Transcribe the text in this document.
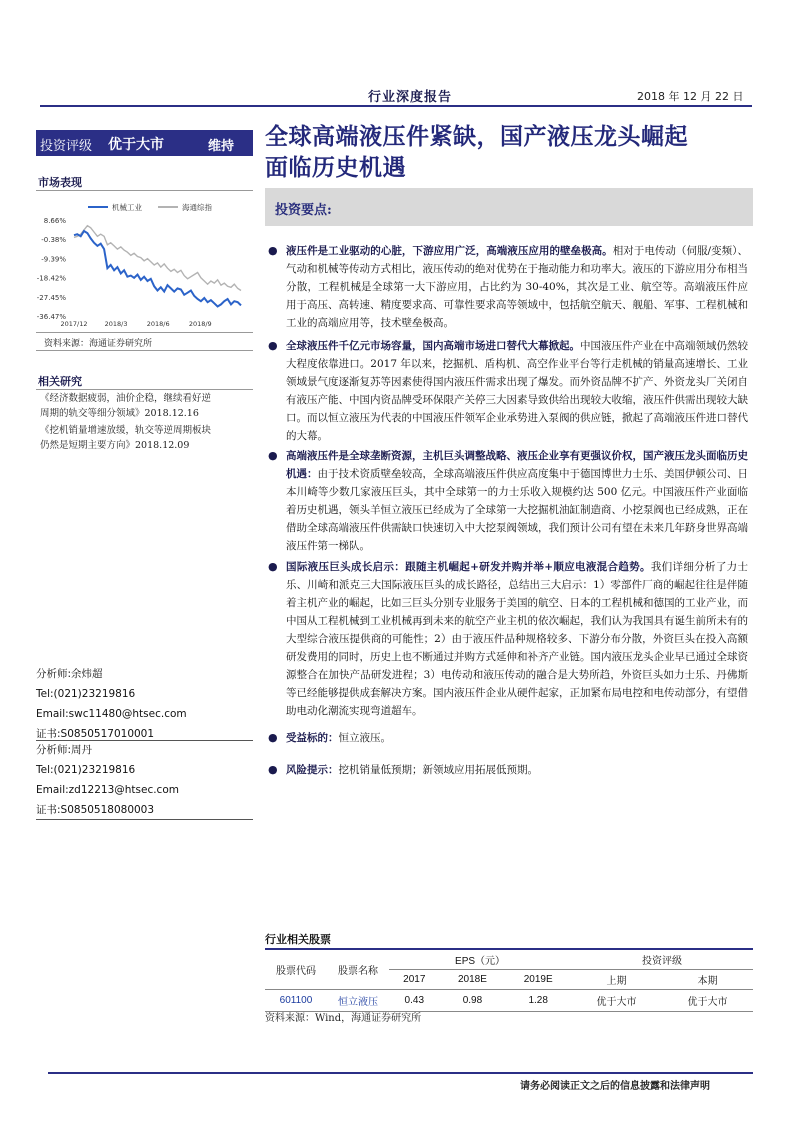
行业深度报告	2018 年 12 月 22 日
投资评级 优于大市	维持 全球高端液压件紧缺，国产液压龙头崛起
面临历史机遇
市场表现
机械工业	海通综指
8.66%
-0.38%
-9.39%
-18.42%
-27.45%
-36.47%
2017/12	2018/3	2018/6	2018/9
资料来源：海通证券研究所
相关研究
《经济数据疲弱，油价企稳，继续看好逆
周期的轨交等细分领域》2018.12.16
《挖机销量增速放缓，轨交等逆周期板块
仍然是短期主要方向》2018.12.09
分析师:余炜超
Tel:(021)23219816
Email:swc11480@htsec.com
证书:S0850517010001
分析师:周丹
Tel:(021)23219816
Email:zd12213@htsec.com
证书:S0850518080003
投资要点:
● 液压件是工业驱动的心脏，下游应用广泛，高端液压应用的壁垒极高。相对于电传动（伺服/变频）、气动和机械等传动方式相比，液压传动的绝对优势在于拖动能力和功率大。液压的下游应用分布相当分散，工程机械是全球第一大下游应用，占比约为 30-40%，其次是工业、航空等。高端液压件应用于高压、高转速、精度要求高、可靠性要求高等领域中，包括航空航天、舰船、军事、工程机械和工业的高端应用等，技术壁垒极高。
● 全球液压件千亿元市场容量，国内高端市场进口替代大幕掀起。中国液压件产业在中高端领域仍然较大程度依靠进口。2017 年以来，挖掘机、盾构机、高空作业平台等行走机械的销量高速增长、工业领域景气度逐渐复苏等因素使得国内液压件需求出现了爆发。而外资品牌不扩产、外资龙头厂关闭自有液压产能、中国内资品牌受环保限产关停三大因素导致供给出现较大收缩，液压件供需出现较大缺口。而以恒立液压为代表的中国液压件领军企业承势进入泵阀的供应链，掀起了高端液压件进口替代的大幕。
● 高端液压件是全球垄断资源，主机巨头调整战略、液压企业享有更强议价权，国产液压龙头面临历史机遇：由于技术资质壁垒较高，全球高端液压件供应高度集中于德国博世力士乐、美国伊顿公司、日本川崎等少数几家液压巨头，其中全球第一的力士乐收入规模约达 500 亿元。中国液压件产业面临着历史机遇，领头羊恒立液压已经成为了全球第一大挖掘机油缸制造商、小挖泵阀也已经成熟，正在借助全球高端液压件供需缺口快速切入中大挖泵阀领域，我们预计公司有望在未来几年跻身世界高端液压件第一梯队。
● 国际液压巨头成长启示：跟随主机崛起+研发并购并举+顺应电液混合趋势。我们详细分析了力士乐、川崎和派克三大国际液压巨头的成长路径，总结出三大启示：1）零部件厂商的崛起往往是伴随着主机产业的崛起，比如三巨头分别专业服务于美国的航空、日本的工程机械和德国的工业产业，而中国从工程机械到工业机械再到未来的航空产业主机的依次崛起，我们认为我国具有诞生前所未有的大型综合液压提供商的可能性；2）由于液压件品种规格较多、下游分布分散，外资巨头在投入高额研发费用的同时，历史上也不断通过并购方式延伸和补齐产业链。国内液压龙头企业早已通过全球资源整合在加快产品研发进程；3）电传动和液压传动的融合是大势所趋，外资巨头如力士乐、丹佛斯等已经能够提供成套解决方案。国内液压件企业从硬件起家，正加紧布局电控和电传动部分，有望借助电动化潮流实现弯道超车。
● 受益标的：恒立液压。
● 风险提示：挖机销量低预期；新领域应用拓展低预期。
行业相关股票
股票代码	股票名称	EPS（元）			投资评级	
		2017	2018E	2019E	上期	本期
601100	恒立液压	0.43	0.98	1.28	优于大市	优于大市
资料来源：Wind，海通证券研究所
请务必阅读正文之后的信息披露和法律声明
